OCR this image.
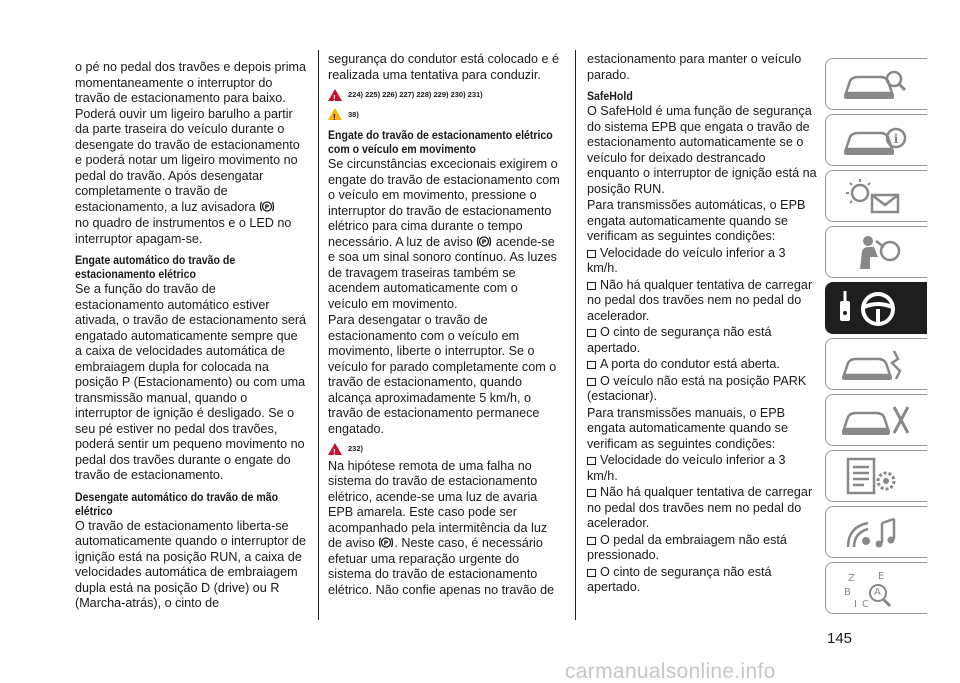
o pé no pedal dos travões e depois prima momentaneamente o interruptor do travão de estacionamento para baixo. Poderá ouvir um ligeiro barulho a partir da parte traseira do veículo durante o desengate do travão de estacionamento e poderá notar um ligeiro movimento no pedal do travão. Após desengatar completamente o travão de estacionamento, a luz avisadora P

no quadro de instrumentos e o LED no interruptor apagam-se.

Engate automático do travão de estacionamento elétrico

Se a função do travão de estacionamento automático estiver ativada, o travão de estacionamento será engatado automaticamente sempre que a caixa de velocidades automática de embraiagem dupla for colocada na posição P (Estacionamento) ou com uma transmissão manual, quando o interruptor de ignição é desligado. Se o seu pé estiver no pedal dos travões, poderá sentir um pequeno movimento no pedal dos travões durante o engate do travão de estacionamento.

Desengate automático do travão de mão elétrico

O travão de estacionamento liberta-se automaticamente quando o interruptor de ignição está na posição RUN, a caixa de velocidades automática de embraiagem dupla está na posição D (drive) ou R (Marcha-atrás), o cinto de

segurança do condutor está colocado e é realizada uma tentativa para conduzir.

!
224) 225) 226) 227) 228) 229) 230) 231)
!
38)
Engate do travão de estacionamento elétrico com o veículo em movimento

Se circunstâncias excecionais exigirem o engate do travão de estacionamento com o veículo em movimento, pressione o interruptor do travão de estacionamento elétrico para cima durante o tempo necessário. A luz de aviso P acende-se e soa um sinal sonoro contínuo. As luzes de travagem traseiras também se acendem automaticamente com o veículo em movimento.

Para desengatar o travão de estacionamento com o veículo em movimento, liberte o interruptor. Se o veículo for parado completamente com o travão de estacionamento, quando alcança aproximadamente 5 km/h, o travão de estacionamento permanece engatado.

!
232)

Na hipótese remota de uma falha no sistema do travão de estacionamento elétrico, acende-se uma luz de avaria EPB amarela. Este caso pode ser acompanhado pela intermitência da luz de aviso P . Neste caso, é necessário efetuar uma reparação urgente do sistema do travão de estacionamento elétrico. Não confie apenas no travão de

estacionamento para manter o veículo parado.

SafeHold

O SafeHold é uma função de segurança do sistema EPB que engata o travão de estacionamento automaticamente se o veículo for deixado destrancado enquanto o interruptor de ignição está na posição RUN.

Para transmissões automáticas, o EPB engata automaticamente quando se verificam as seguintes condições:

Velocidade do veículo inferior a 3 km/h.

Não há qualquer tentativa de carregar no pedal dos travões nem no pedal do acelerador.

O cinto de segurança não está apertado.

A porta do condutor está aberta.

O veículo não está na posição PARK (estacionar).

Para transmissões manuais, o EPB engata automaticamente quando se verificam as seguintes condições:

Velocidade do veículo inferior a 3 km/h.

Não há qualquer tentativa de carregar no pedal dos travões nem no pedal do acelerador.

O pedal da embraiagem não está pressionado.

O cinto de segurança não está apertado.

i
Z E
B A
I C
145
carmanualsonline.info
